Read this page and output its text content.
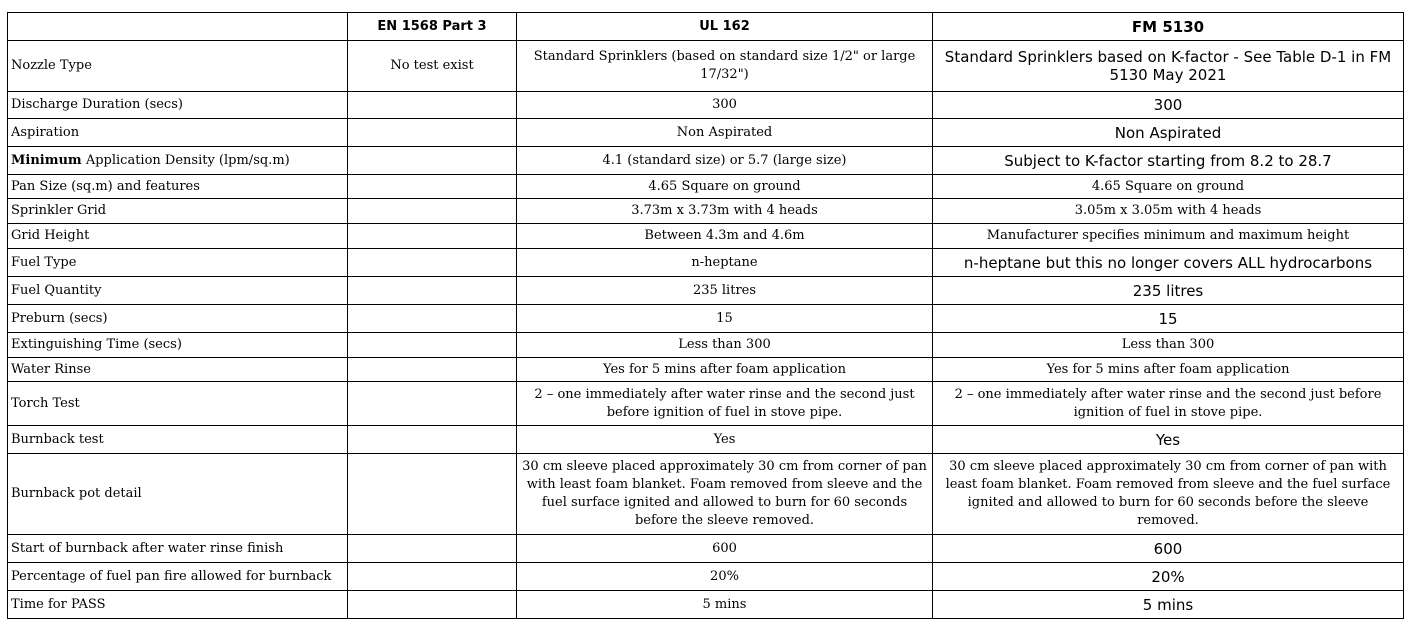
	EN 1568 Part 3	UL 162	FM 5130
Nozzle Type	No test exist	Standard Sprinklers (based on standard size 1/2" or large 17/32")	Standard Sprinklers based on K-factor - See Table D-1 in FM 5130 May 2021
Discharge Duration (secs)		300	300
Aspiration		Non Aspirated	Non Aspirated
Minimum Application Density (lpm/sq.m)		4.1 (standard size) or 5.7 (large size)	Subject to K-factor starting from 8.2 to 28.7
Pan Size (sq.m) and features		4.65 Square on ground	4.65 Square on ground
Sprinkler Grid		3.73m x 3.73m with 4 heads	3.05m x 3.05m with 4 heads
Grid Height		Between 4.3m and 4.6m	Manufacturer specifies minimum and maximum height
Fuel Type		n-heptane	n-heptane but this no longer covers ALL hydrocarbons
Fuel Quantity		235 litres	235 litres
Preburn (secs)		15	15
Extinguishing Time (secs)		Less than 300	Less than 300
Water Rinse		Yes for 5 mins after foam application	Yes for 5 mins after foam application
Torch Test		2 – one immediately after water rinse and the second just before ignition of fuel in stove pipe.	2 – one immediately after water rinse and the second just before ignition of fuel in stove pipe.
Burnback test		Yes	Yes
Burnback pot detail		30 cm sleeve placed approximately 30 cm from corner of pan with least foam blanket. Foam removed from sleeve and the fuel surface ignited and allowed to burn for 60 seconds before the sleeve removed.	30 cm sleeve placed approximately 30 cm from corner of pan with least foam blanket. Foam removed from sleeve and the fuel surface ignited and allowed to burn for 60 seconds before the sleeve removed.
Start of burnback after water rinse finish		600	600
Percentage of fuel pan fire allowed for burnback		20%	20%
Time for PASS		5 mins	5 mins
